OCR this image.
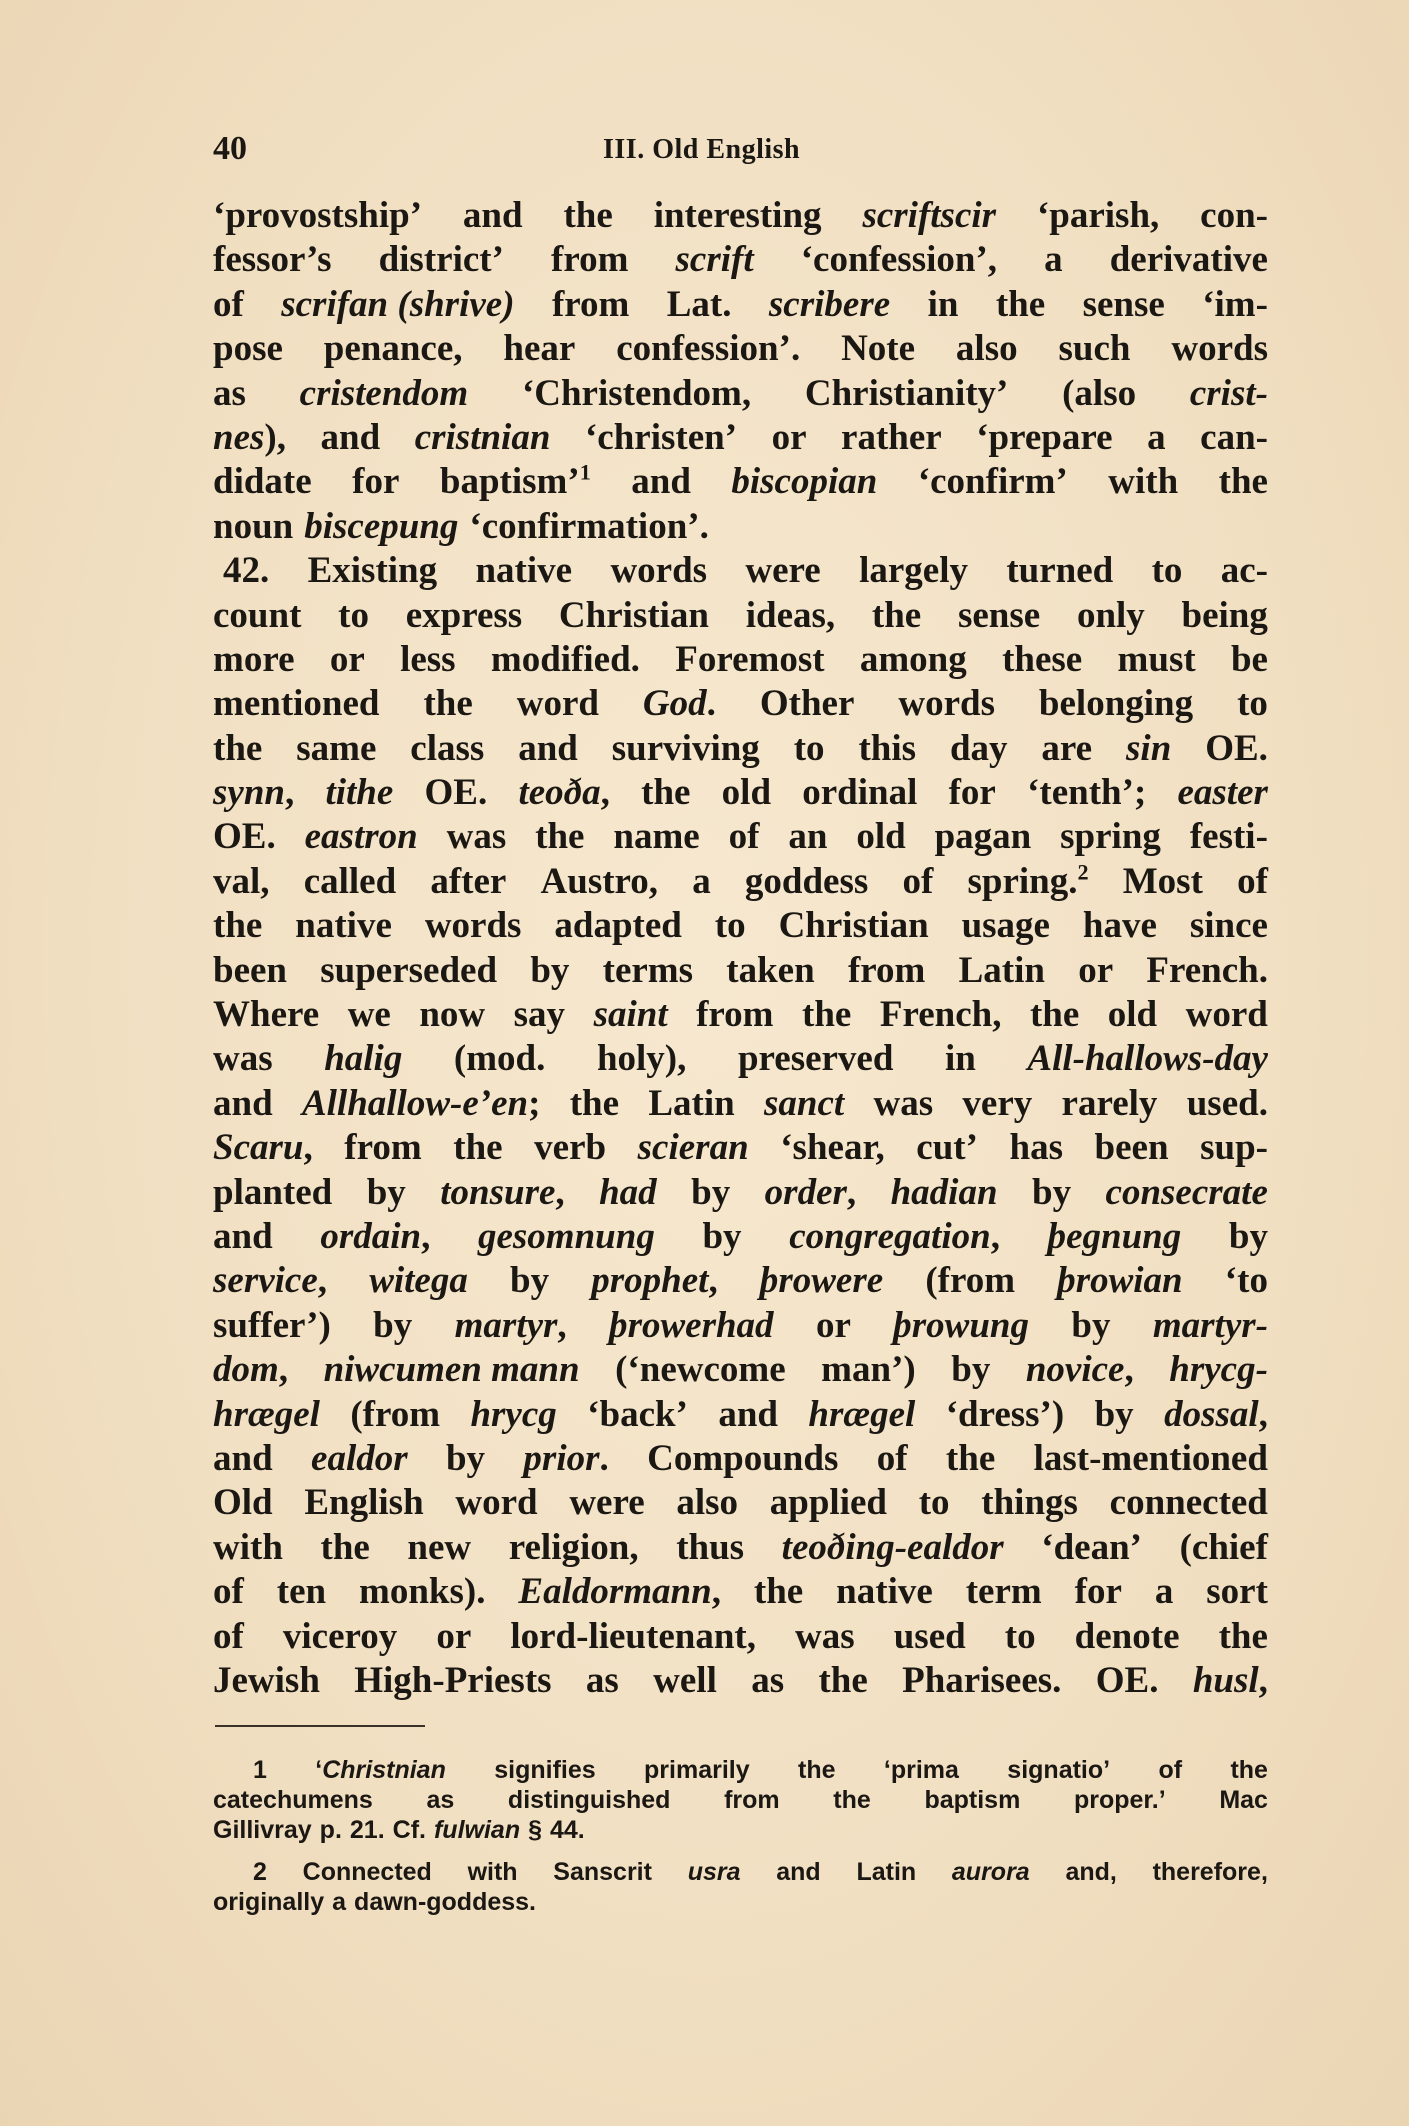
40	III. Old English
‘provostship’ and the interesting scriftscir ‘parish, con-
fessor’s district’ from scrift ‘confession’, a derivative
of scrifan (shrive) from Lat. scribere in the sense ‘im-
pose penance, hear confession’. Note also such words
as cristendom ‘Christendom, Christianity’ (also crist-
nes), and cristnian ‘christen’ or rather ‘prepare a can-
didate for baptism’$^1$ and biscopian ‘confirm’ with the
noun biscepung ‘confirmation’.
42. Existing native words were largely turned to ac-
count to express Christian ideas, the sense only being
more or less modified. Foremost among these must be
mentioned the word God. Other words belonging to
the same class and surviving to this day are sin OE.
synn, tithe OE. teoða, the old ordinal for ‘tenth’; easter
OE. eastron was the name of an old pagan spring festi-
val, called after Austro, a goddess of spring.$^2$ Most of
the native words adapted to Christian usage have since
been superseded by terms taken from Latin or French.
Where we now say saint from the French, the old word
was halig (mod. holy), preserved in All-hallows-day
and Allhallow-e’en; the Latin sanct was very rarely used.
Scaru, from the verb scieran ‘shear, cut’ has been sup-
planted by tonsure, had by order, hadian by consecrate
and ordain, gesomnung by congregation, þegnung by
service, witega by prophet, þrowere (from þrowian ‘to
suffer’) by martyr, þrowerhad or þrowung by martyr-
dom, niwcumen mann (‘newcome man’) by novice, hrycg-
hrægel (from hrycg ‘back’ and hrægel ‘dress’) by dossal,
and ealdor by prior. Compounds of the last-mentioned
Old English word were also applied to things connected
with the new religion, thus teoðing-ealdor ‘dean’ (chief
of ten monks). Ealdormann, the native term for a sort
of viceroy or lord-lieutenant, was used to denote the
Jewish High-Priests as well as the Pharisees. OE. husl,
1 ‘Christnian signifies primarily the ‘prima signatio’ of the
catechumens as distinguished from the baptism proper.’ Mac
Gillivray p. 21. Cf. fulwian § 44.
2 Connected with Sanscrit usra and Latin aurora and, therefore,
originally a dawn-goddess.
